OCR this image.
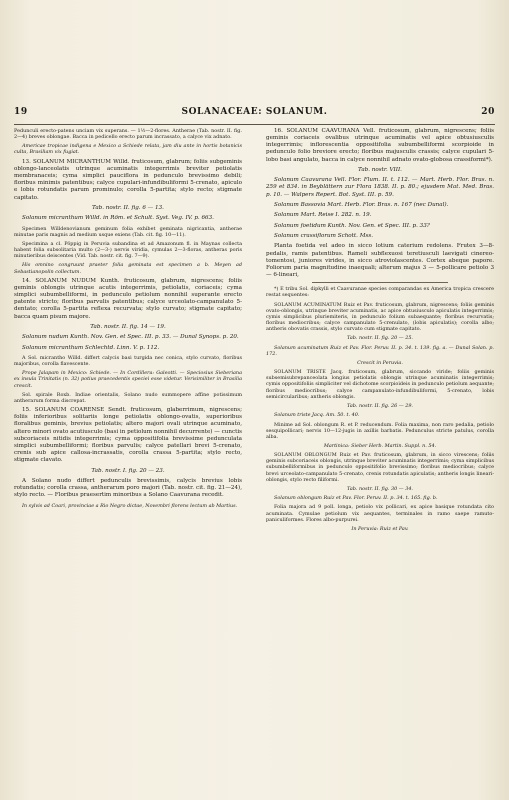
19	SOLANACEAE: SOLANUM.	20

Pedunculi erecto-patens unciam vix superans. — 1½—2‑flores. Antherae (Tab. nostr. II. fig. 2—4) breves oblongae. Bacca in pedicello erecto parum incrassato, a calyce vix adnato.

Americae tropicae indigena e Mexico a Schiede relata, jam diu ante in hortis botanicis culta, Brasiliam vix fugiat.

13. SOLANUM MICRANTHUM Willd. fruticosum, glabrum; foliis subgeminis oblongo-lanceolatis utrinque acuminatis integerrimis breviter petiolatis membranaceis; cyma simplici pauciflora in pedunculo brevissimo debili; floribus minimis patentibus; calyce cupulari-infundibuliformi 5-crenato, apiculo e lobis rotundatis parum prominulo; corolla 5-partita; stylo recto; stigmate capitato.

Tab. nostr. II. fig. 6 — 13.

Solanum micranthum Willd. in Röm. et Schult. Syst. Veg. IV. p. 663.

Specimen Willdenovianum geminum folia exhibet geminata nigricantia, antherae minutae paris magnis ad medium usque exiens (Tab. cit. fig. 10—11).

Specimina a cl. Pöppig in Peruvia subandina et ad Amazonum fl. in Maynas collecta habent folia subsolitaria multo (2—3‑) nervis viridia, cymulas 2—3‑floras, antheras poris minutieribus deiscentes (Vid. Tab. nostr. cit. fig. 7—9).

His omnino congruunt praeter folia geminata est specimen a b. Meyen ad Sebastianopolin collectum.

14. SOLANUM NUDUM Kunth. fruticosum, glabrum, nigrescens; foliis geminis oblongis utrinque acutis integerrimis, petiolatis, coriaceis; cyma simplici subumbelliformi, in pedunculo petiolum nonnihil superante erecto patente stricto; floribus parvulis patentibus; calyce urceolato-campanulato 5-dentato; corolla 5-partita reflexa recurvata; stylo curvato; stigmate capitato; bacca quam pisum majore.

Tab. nostr. II. fig. 14 — 19.

Solanum nudum Kunth. Nov. Gen. et Spec. III. p. 33. — Dunal Synops. p. 20.

Solanum micranthum Schlechtd. Linn. V. p. 112.

A Sol. micrantho Willd. differt calycis basi turgida nec conica, stylo curvato, floribus majoribus, corolla flavescente.

Prope Jalapam in Mexico: Schiede. — In Cordillera: Galeotti. — Speciosius Sieberiana ex insula Trinitatis (n. 32) potius praecedentis speciei esse videtur. Verisimiliter in Brasilia crescit.

Sol. spirale Roxb. Indiae orientalis, Solano nudo summopere affine potissimum antherarum forma discrepat.

15. SOLANUM COARENSE Sendt. fruticosum, glaberrimum, nigrescens; foliis inferioribus solitariis longe petiolatis oblongo-ovatis, superioribus floralibus geminis, brevius petiolatis; altero majori ovali utrinque acuminato, altero minori ovato acutiusculo (basi in petiolum nonnihil decurrente) — cunctis subcoriaceis nitidis integerrimis; cyma oppositifolia brevissime pedunculata simplici subumbelliformi; floribus parvulis; calyce patellari brevi 5-crenato, crenis sub apice callosa-incrassatis, corolla crassa 5-partita; stylo recto, stigmate clavato.

Tab. nostr. I. fig. 20 — 23.

A Solano nudo differt pedunculis brevissimis, calycis brevius lobis rotundatis; corolla crassa, antherarum poro majori (Tab. nostr. cit. fig. 21—24), stylo recto. — Floribus praesertim minoribus a Solano Caavurana recedit.

In sylvis ad Coari, provinciae a Rio Negro dictae, Novembri florens lectum ab Martius.

16. SOLANUM CAAVURANA Vell. fruticosum, glabrum, nigrescens; foliis geminis coriaceis ovalibus utrinque acuminatis vel apice obtusiusculis integerrimis; inflorescentia oppositifolia subumbelliformi scorpioide in pedunculo folio breviore erecto; floribus majusculis crassis; calyce cupulari 5-lobo basi angulato, bacca in calyce nonnihil adnato ovato-globosa crassiformi*).

Tab. nostr. VIII.

Solanum Caavurana Vell. Flor. Flum. II. t. 112. — Mart. Herb. Flor. Bras. n. 259 et 834. in Beyblättern zur Flora 1838. II. p. 80.; ejusdem Mat. Med. Bras. p. 10. — Walpers Repert. Bot. Syst. III. p. 59.

Solanum Bassovia Mart. Herb. Flor. Bras. n. 167 (nec Dunal).

Solanum Mart. Reise I. 282. n. 19.

Solanum foetidum Kunth. Nov. Gen. et Spec. III. p. 33?

Solanum crassiflorum Schott. Mss.

Planta foetida vel adeo in sicco lotium caterium redolens. Frutex 3—8-pedalis, ramis patentibus. Rameli subflexuosi teretiusculi laevigati cinereo-tomentosi, juniores virides, in sicco atroviolascentes. Cortex abeque papore. Foliorum paria magnitudine inaequali; alterum majus 3 — 5-pollicare petiolo 3 — 6-lineari,

*) E tribu Sol. dipkylli et Caavuranae species comparandas ex America tropica crescere restat sequentes:

SOLANUM ACUMINATUM Ruiz et Pav. fruticosum, glabrum, nigrescens; foliis geminis ovato-oblongis, utrinque breviter acuminatis, ac apice obtusiusculo apiculatis integerrimis; cymis simplicibus pluriemiteris, in pedunculo folium subaequante; floribus recurvatis; floribus mediocribus; calyce campanulato 5-crenulato, (lobis apiculatis); corolla albo; antheris obovatis crassis, stylo curvato cum stigmate capitato.

Tab. nostr. II. fig. 20 — 25.

Solanum acuminatum Ruiz et Pav. Flor. Peruv. II. p. 34. t. 139. fig. a. — Dunal Solan. p. 172.

Crescit in Peruvia.

SOLANUM TRISTE Jacq. fruticosum, glabrum, siccando viride; foliis geminis subsemisubrepanceolata longius petiolatis oblongis utrinque acuminatis integerrimis; cymis oppositifoliis simpliciter vel dichotome scorpioideis in pedunculo petiolum aequante; floribus mediocribus; calyce campanulato-infundibuliformi, 5-crenato, lobis semicircularibus; antheris oblongis.

Tab. nostr. II. fig. 26 — 29.

Solanum triste Jacq. Am. 50. t. 40.

Minime ad Sol. oblongum R. et P. reducendum. Folia maxima, non raro pedalia, petiolo sesquipollicari; nervis 10—12-jugis in axillis barbatis. Pedunculus stricte patulus, corolla alba.

Martinica: Sieber Herb. Martin. Suppl. n. 54.

SOLANUM OBLONGUM Ruiz et Pav. fruticosum, glabrum, in sicco virescens; foliis geminis subcoriaceis oblongis, utrinque breviter acuminatis integerrimis; cyma simplicibus subumbelliformibus in pedunculo oppositifolio brevissimo; floribus mediocribus; calyce brevi urceolato-campanulato 5-crenato, crenis rotundatis apiculatis; antheris longis lineari-oblongis, stylo recto filiformi.

Tab. nostr. II. fig. 30 — 34.

Solanum oblongum Ruiz et Pav. Flor. Peruv. II. p. 34. t. 165. fig. b.

Folia majora ad 9 poll. longa, petiolo vix pollicari, ex apice basique rotundata cito acuminata. Cymulae petiolum vix aequantes, terminales in ramo saepe ramuto-paniculiformes. Flores albo-purpurei.

In Peruvia: Ruiz et Pav.
